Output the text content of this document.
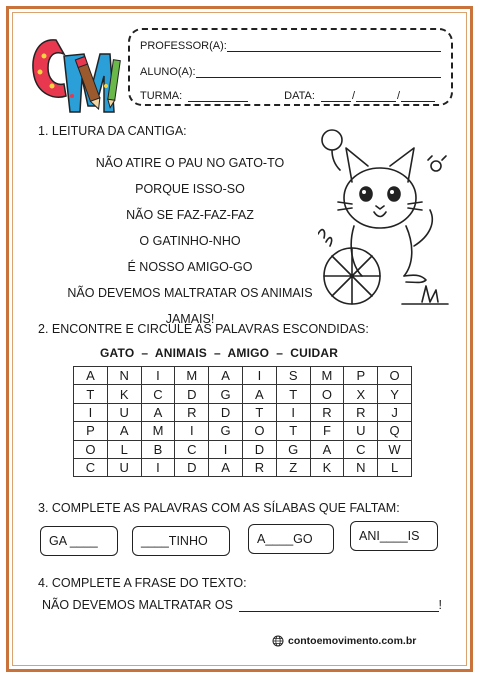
PROFESSOR(A):
ALUNO(A):
TURMA:	DATA:	/	/
1. LEITURA DA CANTIGA:
NÃO ATIRE O PAU NO GATO-TO
PORQUE ISSO-SO
NÃO SE FAZ-FAZ-FAZ
O GATINHO-NHO
É NOSSO AMIGO-GO
NÃO DEVEMOS MALTRATAR OS ANIMAIS
JAMAIS!
2. ENCONTRE E CIRCULE AS PALAVRAS ESCONDIDAS:
GATO  –  ANIMAIS  –  AMIGO  –  CUIDAR
A	N	I	M	A	I	S	M	P	O
T	K	C	D	G	A	T	O	X	Y
I	U	A	R	D	T	I	R	R	J
P	A	M	I	G	O	T	F	U	Q
O	L	B	C	I	D	G	A	C	W
C	U	I	D	A	R	Z	K	N	L
3. COMPLETE AS PALAVRAS COM AS SÍLABAS QUE FALTAM:
GA ____	____TINHO	A____GO	ANI____IS
4. COMPLETE A FRASE DO TEXTO:
NÃO DEVEMOS MALTRATAR OS	!
contoemovimento.com.br
